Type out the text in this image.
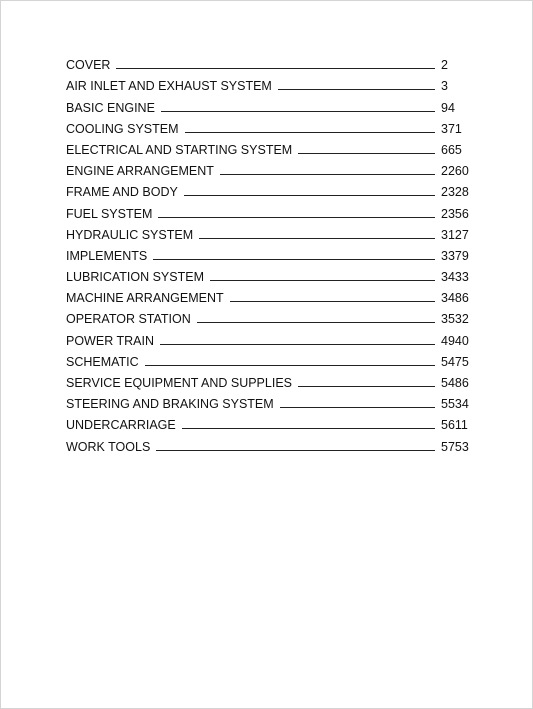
COVER	2
AIR INLET AND EXHAUST SYSTEM	3
BASIC ENGINE	94
COOLING SYSTEM	371
ELECTRICAL AND STARTING SYSTEM	665
ENGINE ARRANGEMENT	2260
FRAME AND BODY	2328
FUEL SYSTEM	2356
HYDRAULIC SYSTEM	3127
IMPLEMENTS	3379
LUBRICATION SYSTEM	3433
MACHINE ARRANGEMENT	3486
OPERATOR STATION	3532
POWER TRAIN	4940
SCHEMATIC	5475
SERVICE EQUIPMENT AND SUPPLIES	5486
STEERING AND BRAKING SYSTEM	5534
UNDERCARRIAGE	5611
WORK TOOLS	5753
